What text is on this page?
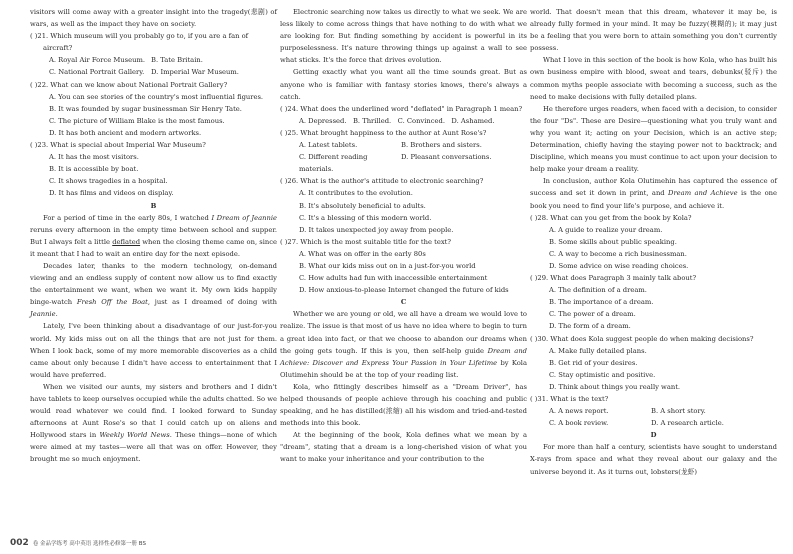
visitors will come away with a greater insight into the tragedy(悲剧) of wars, as well as the impact they have on society.

( )21. Which museum will you probably go to, if you are a fan of aircraft?

A. Royal Air Force Museum. B. Tate Britain.
C. National Portrait Gallery. D. Imperial War Museum.

( )22. What can we know about National Portrait Gallery?

A. You can see stories of the country's most influential figures.

B. It was founded by sugar businessman Sir Henry Tate.

C. The picture of William Blake is the most famous.

D. It has both ancient and modern artworks.

( )23. What is special about Imperial War Museum?

A. It has the most visitors.

B. It is accessible by boat.

C. It shows tragedies in a hospital.

D. It has films and videos on display.

B

For a period of time in the early 80s, I watched I Dream of Jeannie reruns every afternoon in the empty time between school and supper. But I always felt a little deflated when the closing theme came on, since it meant that I had to wait an entire day for the next episode.

Decades later, thanks to the modern technology, on-demand viewing and an endless supply of content now allow us to find exactly the entertainment we want, when we want it. My own kids happily binge-watch Fresh Off the Boat, just as I dreamed of doing with Jeannie.

Lately, I've been thinking about a disadvantage of our just-for-you world. My kids miss out on all the things that are not just for them. When I look back, some of my more memorable discoveries as a child came about only because I didn't have access to entertainment that I would have preferred.

When we visited our aunts, my sisters and brothers and I didn't have tablets to keep ourselves occupied while the adults chatted. So we would read whatever we could find. I looked forward to Sunday afternoons at Aunt Rose's so that I could catch up on aliens and Hollywood stars in Weekly World News. These things—none of which were aimed at my tastes—were all that was on offer. However, they brought me so much enjoyment.

Electronic searching now takes us directly to what we seek. We are less likely to come across things that have nothing to do with what we are looking for. But finding something by accident is powerful in its purposelessness. It's nature throwing things up against a wall to see what sticks. It's the force that drives evolution.

Getting exactly what you want all the time sounds great. But as anyone who is familiar with fantasy stories knows, there's always a catch.

( )24. What does the underlined word "deflated" in Paragraph 1 mean?

A. Depressed.   B. Thrilled.   C. Convinced.   D. Ashamed.

( )25. What brought happiness to the author at Aunt Rose's?

A. Latest tablets.	B. Brothers and sisters.
C. Different reading materials.
D. Pleasant conversations.

( )26. What is the author's attitude to electronic searching?

A. It contributes to the evolution.

B. It's absolutely beneficial to adults.

C. It's a blessing of this modern world.

D. It takes unexpected joy away from people.

( )27. Which is the most suitable title for the text?

A. What was on offer in the early 80s

B. What our kids miss out on in a just-for-you world

C. How adults had fun with inaccessible entertainment

D. How anxious-to-please Internet changed the future of kids

C

Whether we are young or old, we all have a dream we would love to realize. The issue is that most of us have no idea where to begin to turn a great idea into fact, or that we choose to abandon our dreams when the going gets tough. If this is you, then self-help guide Dream and Achieve: Discover and Express Your Passion in Your Lifetime by Kola Olutimehin should be at the top of your reading list.

Kola, who fittingly describes himself as a "Dream Driver", has helped thousands of people achieve through his coaching and public speaking, and he has distilled(浓缩) all his wisdom and tried-and-tested methods into this book.

At the beginning of the book, Kola defines what we mean by a "dream", stating that a dream is a long-cherished vision of what you want to make your inheritance and your contribution to the

world. That doesn't mean that this dream, whatever it may be, is already fully formed in your mind. It may be fuzzy(模糊的); it may just be a feeling that you were born to attain something you don't currently possess.

What I love in this section of the book is how Kola, who has built his own business empire with blood, sweat and tears, debunks(驳斥) the common myths people associate with becoming a success, such as the need to make decisions with fully detailed plans.

He therefore urges readers, when faced with a decision, to consider the four "Ds". These are Desire—questioning what you truly want and why you want it; acting on your Decision, which is an active step; Determination, chiefly having the staying power not to backtrack; and Discipline, which means you must continue to act upon your decision to help make your dream a reality.

In conclusion, author Kola Olutimehin has captured the essence of success and set it down in print, and Dream and Achieve is the one book you need to find your life's purpose, and achieve it.

( )28. What can you get from the book by Kola?

A. A guide to realize your dream.

B. Some skills about public speaking.

C. A way to become a rich businessman.

D. Some advice on wise reading choices.

( )29. What does Paragraph 3 mainly talk about?

A. The definition of a dream.

B. The importance of a dream.

C. The power of a dream.

D. The form of a dream.

( )30. What does Kola suggest people do when making decisions?

A. Make fully detailed plans.

B. Get rid of your desires.

C. Stay optimistic and positive.

D. Think about things you really want.

( )31. What is the text?

A. A news report.	B. A short story.
C. A book review.	D. A research article.

D

For more than half a century, scientists have sought to understand X-rays from space and what they reveal about our galaxy and the universe beyond it. As it turns out, lobsters(龙虾)

002 卷 金品学练考 高中英语 选择性必修第一册 BS
